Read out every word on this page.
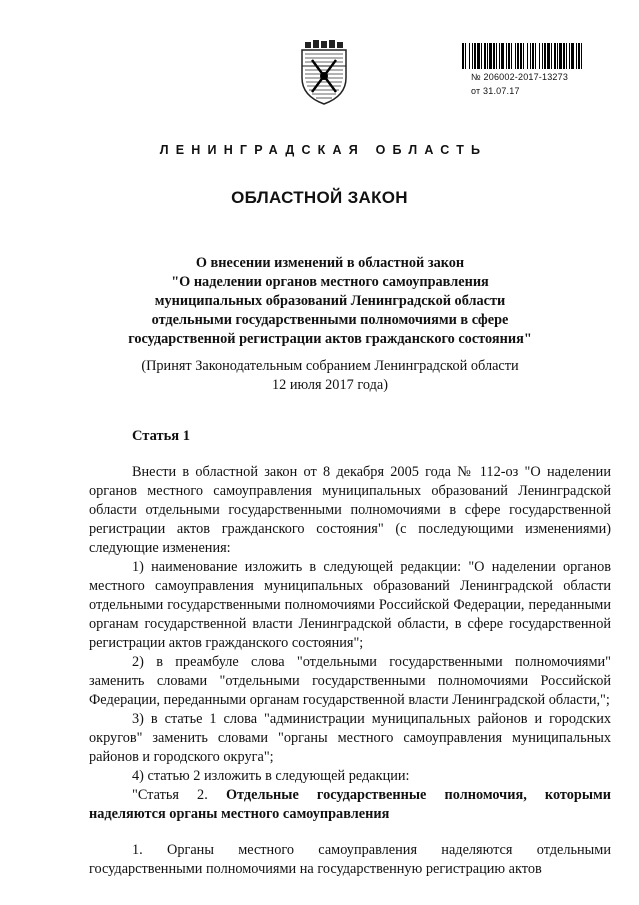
№ 206002-2017-13273
от 31.07.17
ЛЕНИНГРАДСКАЯ ОБЛАСТЬ
ОБЛАСТНОЙ ЗАКОН
О внесении изменений в областной закон
"О наделении органов местного самоуправления
муниципальных образований Ленинградской области
отдельными государственными полномочиями в сфере
государственной регистрации актов гражданского состояния"
(Принят Законодательным собранием Ленинградской области
12 июля 2017 года)
Статья 1

Внести в областной закон от 8 декабря 2005 года № 112-оз "О наделении органов местного самоуправления муниципальных образований Ленинградской области отдельными государственными полномочиями в сфере государственной регистрации актов гражданского состояния" (с последующими изменениями) следующие изменения:

1) наименование изложить в следующей редакции: "О наделении органов местного самоуправления муниципальных образований Ленинградской области отдельными государственными полномочиями Российской Федерации, переданными органам государственной власти Ленинградской области, в сфере государственной регистрации актов гражданского состояния";

2) в преамбуле слова "отдельными государственными полномочиями" заменить словами "отдельными государственными полномочиями Российской Федерации, переданными органам государственной власти Ленинградской области,";

3) в статье 1 слова "администрации муниципальных районов и городских округов" заменить словами "органы местного самоуправления муниципальных районов и городского округа";

4) статью 2 изложить в следующей редакции:

"Статья 2. Отдельные государственные полномочия, которыми наделяются органы местного самоуправления

1. Органы местного самоуправления наделяются отдельными государственными полномочиями на государственную регистрацию актов
